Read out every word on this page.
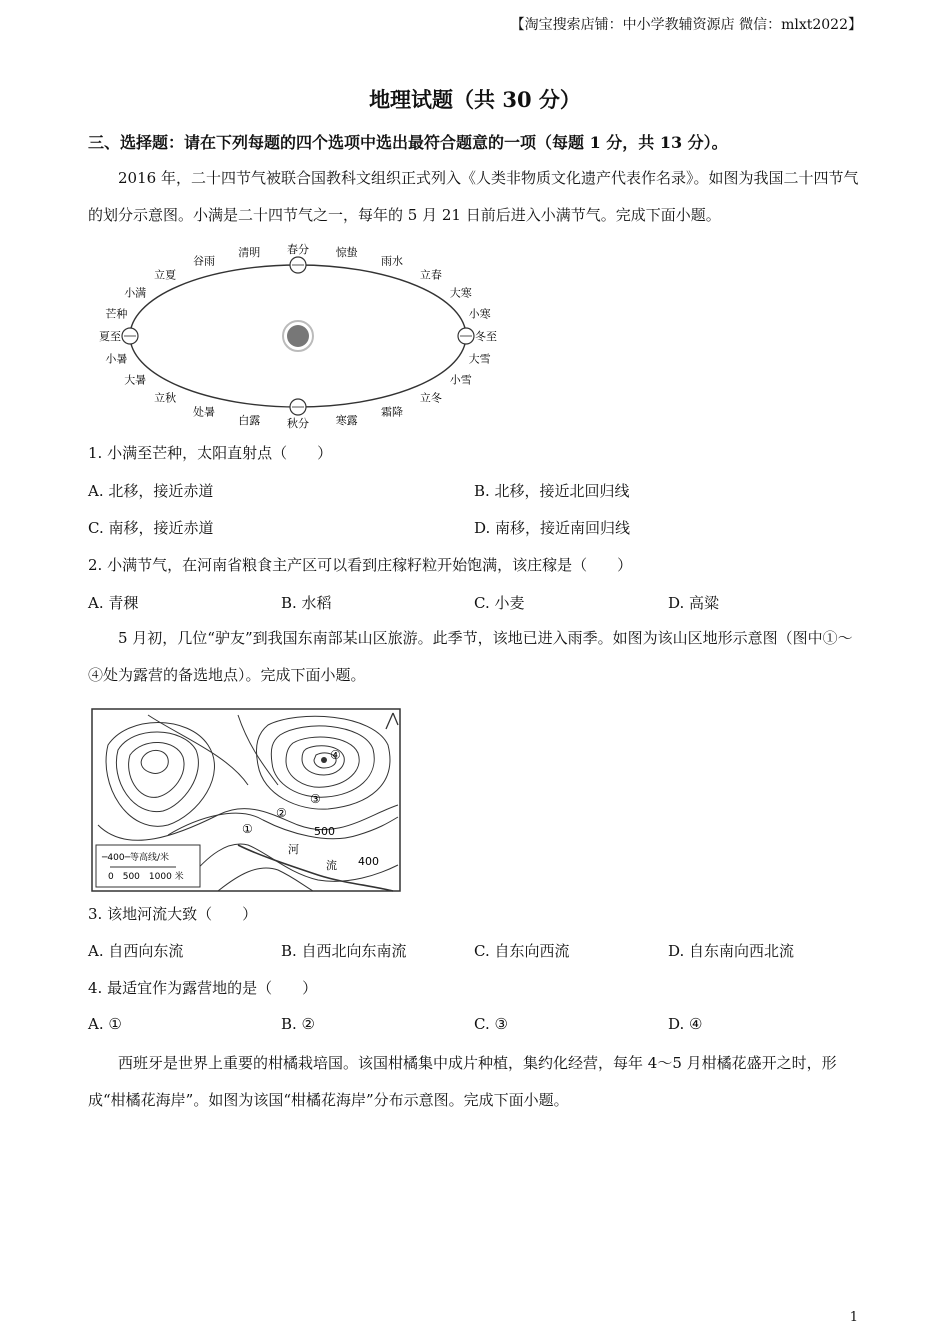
【淘宝搜索店铺：中小学教辅资源店 微信：mlxt2022】
地理试题（共 30 分）
三、选择题：请在下列每题的四个选项中选出最符合题意的一项（每题 1 分，共 13 分）。
2016 年，二十四节气被联合国教科文组织正式列入《人类非物质文化遗产代表作名录》。如图为我国二十四节气的划分示意图。小满是二十四节气之一，每年的 5 月 21 日前后进入小满节气。完成下面小题。
春分 惊蛰
雨水
立春
大寒
小寒
冬至
大雪
小雪
立冬
霜降
寒露
秋分
白露
处暑
立秋
大暑
小暑
夏至
芒种
小满
立夏
谷雨
清明
1. 小满至芒种，太阳直射点（　　）
A. 北移，接近赤道	B. 北移，接近北回归线
C. 南移，接近赤道	D. 南移，接近南回归线
2. 小满节气，在河南省粮食主产区可以看到庄稼籽粒开始饱满，该庄稼是（　　）
A. 青稞	B. 水稻	C. 小麦	D. 高粱
5 月初，几位“驴友”到我国东南部某山区旅游。此季节，该地已进入雨季。如图为该山区地形示意图（图中①～④处为露营的备选地点）。完成下面小题。
500
400
河
流
①
②
③
④
─400─等高线/米
0　500　1000 米
3. 该地河流大致（　　）
A. 自西向东流	B. 自西北向东南流	C. 自东向西流	D. 自东南向西北流
4. 最适宜作为露营地的是（　　）
A. ①	B. ②	C. ③	D. ④
西班牙是世界上重要的柑橘栽培国。该国柑橘集中成片种植，集约化经营，每年 4～5 月柑橘花盛开之时，形成“柑橘花海岸”。如图为该国“柑橘花海岸”分布示意图。完成下面小题。
1
